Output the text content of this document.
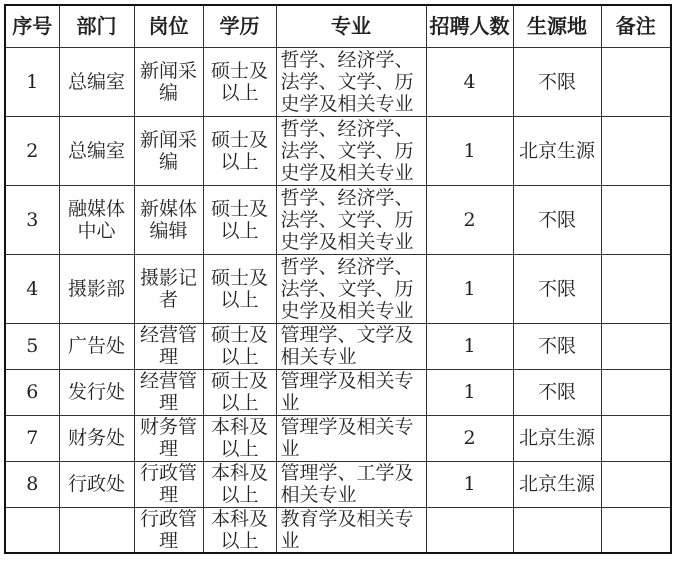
序号	部门	岗位	学历	专业	招聘人数	生源地	备注
1	总编室	新闻采编	硕士及以上	哲学、经济学、法学、文学、历史学及相关专业	4	不限	
2	总编室	新闻采编	硕士及以上	哲学、经济学、法学、文学、历史学及相关专业	1	北京生源	
3	融媒体中心	新媒体编辑	硕士及以上	哲学、经济学、法学、文学、历史学及相关专业	2	不限	
4	摄影部	摄影记者	硕士及以上	哲学、经济学、法学、文学、历史学及相关专业	1	不限	
5	广告处	经营管理	硕士及以上	管理学、文学及相关专业	1	不限	
6	发行处	经营管理	硕士及以上	管理学及相关专业	1	不限	
7	财务处	财务管理	本科及以上	管理学及相关专业	2	北京生源	
8	行政处	行政管理	本科及以上	管理学、工学及相关专业	1	北京生源	
		行政管理	本科及以上	教育学及相关专业			
